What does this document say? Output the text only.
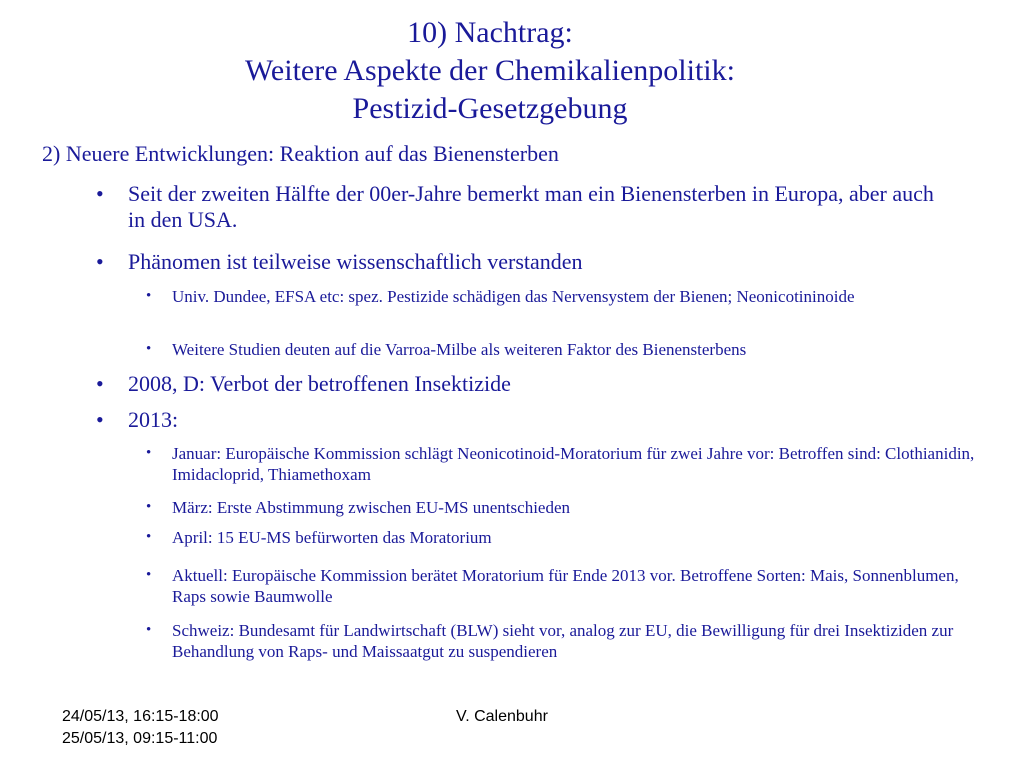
10) Nachtrag:
Weitere Aspekte der Chemikalienpolitik:
Pestizid-Gesetzgebung
2) Neuere Entwicklungen: Reaktion auf das Bienensterben
• Seit der zweiten Hälfte der 00er-Jahre bemerkt man ein Bienensterben in Europa, aber auch in den USA.
• Phänomen ist teilweise wissenschaftlich verstanden
• Univ. Dundee, EFSA etc: spez. Pestizide schädigen das Nervensystem der Bienen; Neonicotininoide
• Weitere Studien deuten auf die Varroa-Milbe als weiteren Faktor des Bienensterbens
• 2008, D: Verbot der betroffenen Insektizide
• 2013:
• Januar: Europäische Kommission schlägt Neonicotinoid-Moratorium für zwei Jahre vor: Betroffen sind: Clothianidin, Imidacloprid, Thiamethoxam
• März: Erste Abstimmung zwischen EU-MS unentschieden
• April: 15 EU-MS befürworten das Moratorium
• Aktuell: Europäische Kommission berätet Moratorium für Ende 2013 vor. Betroffene Sorten: Mais, Sonnenblumen, Raps sowie Baumwolle
• Schweiz: Bundesamt für Landwirtschaft (BLW) sieht vor, analog zur EU, die Bewilligung für drei Insektiziden zur Behandlung von Raps- und Maissaatgut zu suspendieren
24/05/13, 16:15-18:00
25/05/13, 09:15-11:00
V. Calenbuhr
